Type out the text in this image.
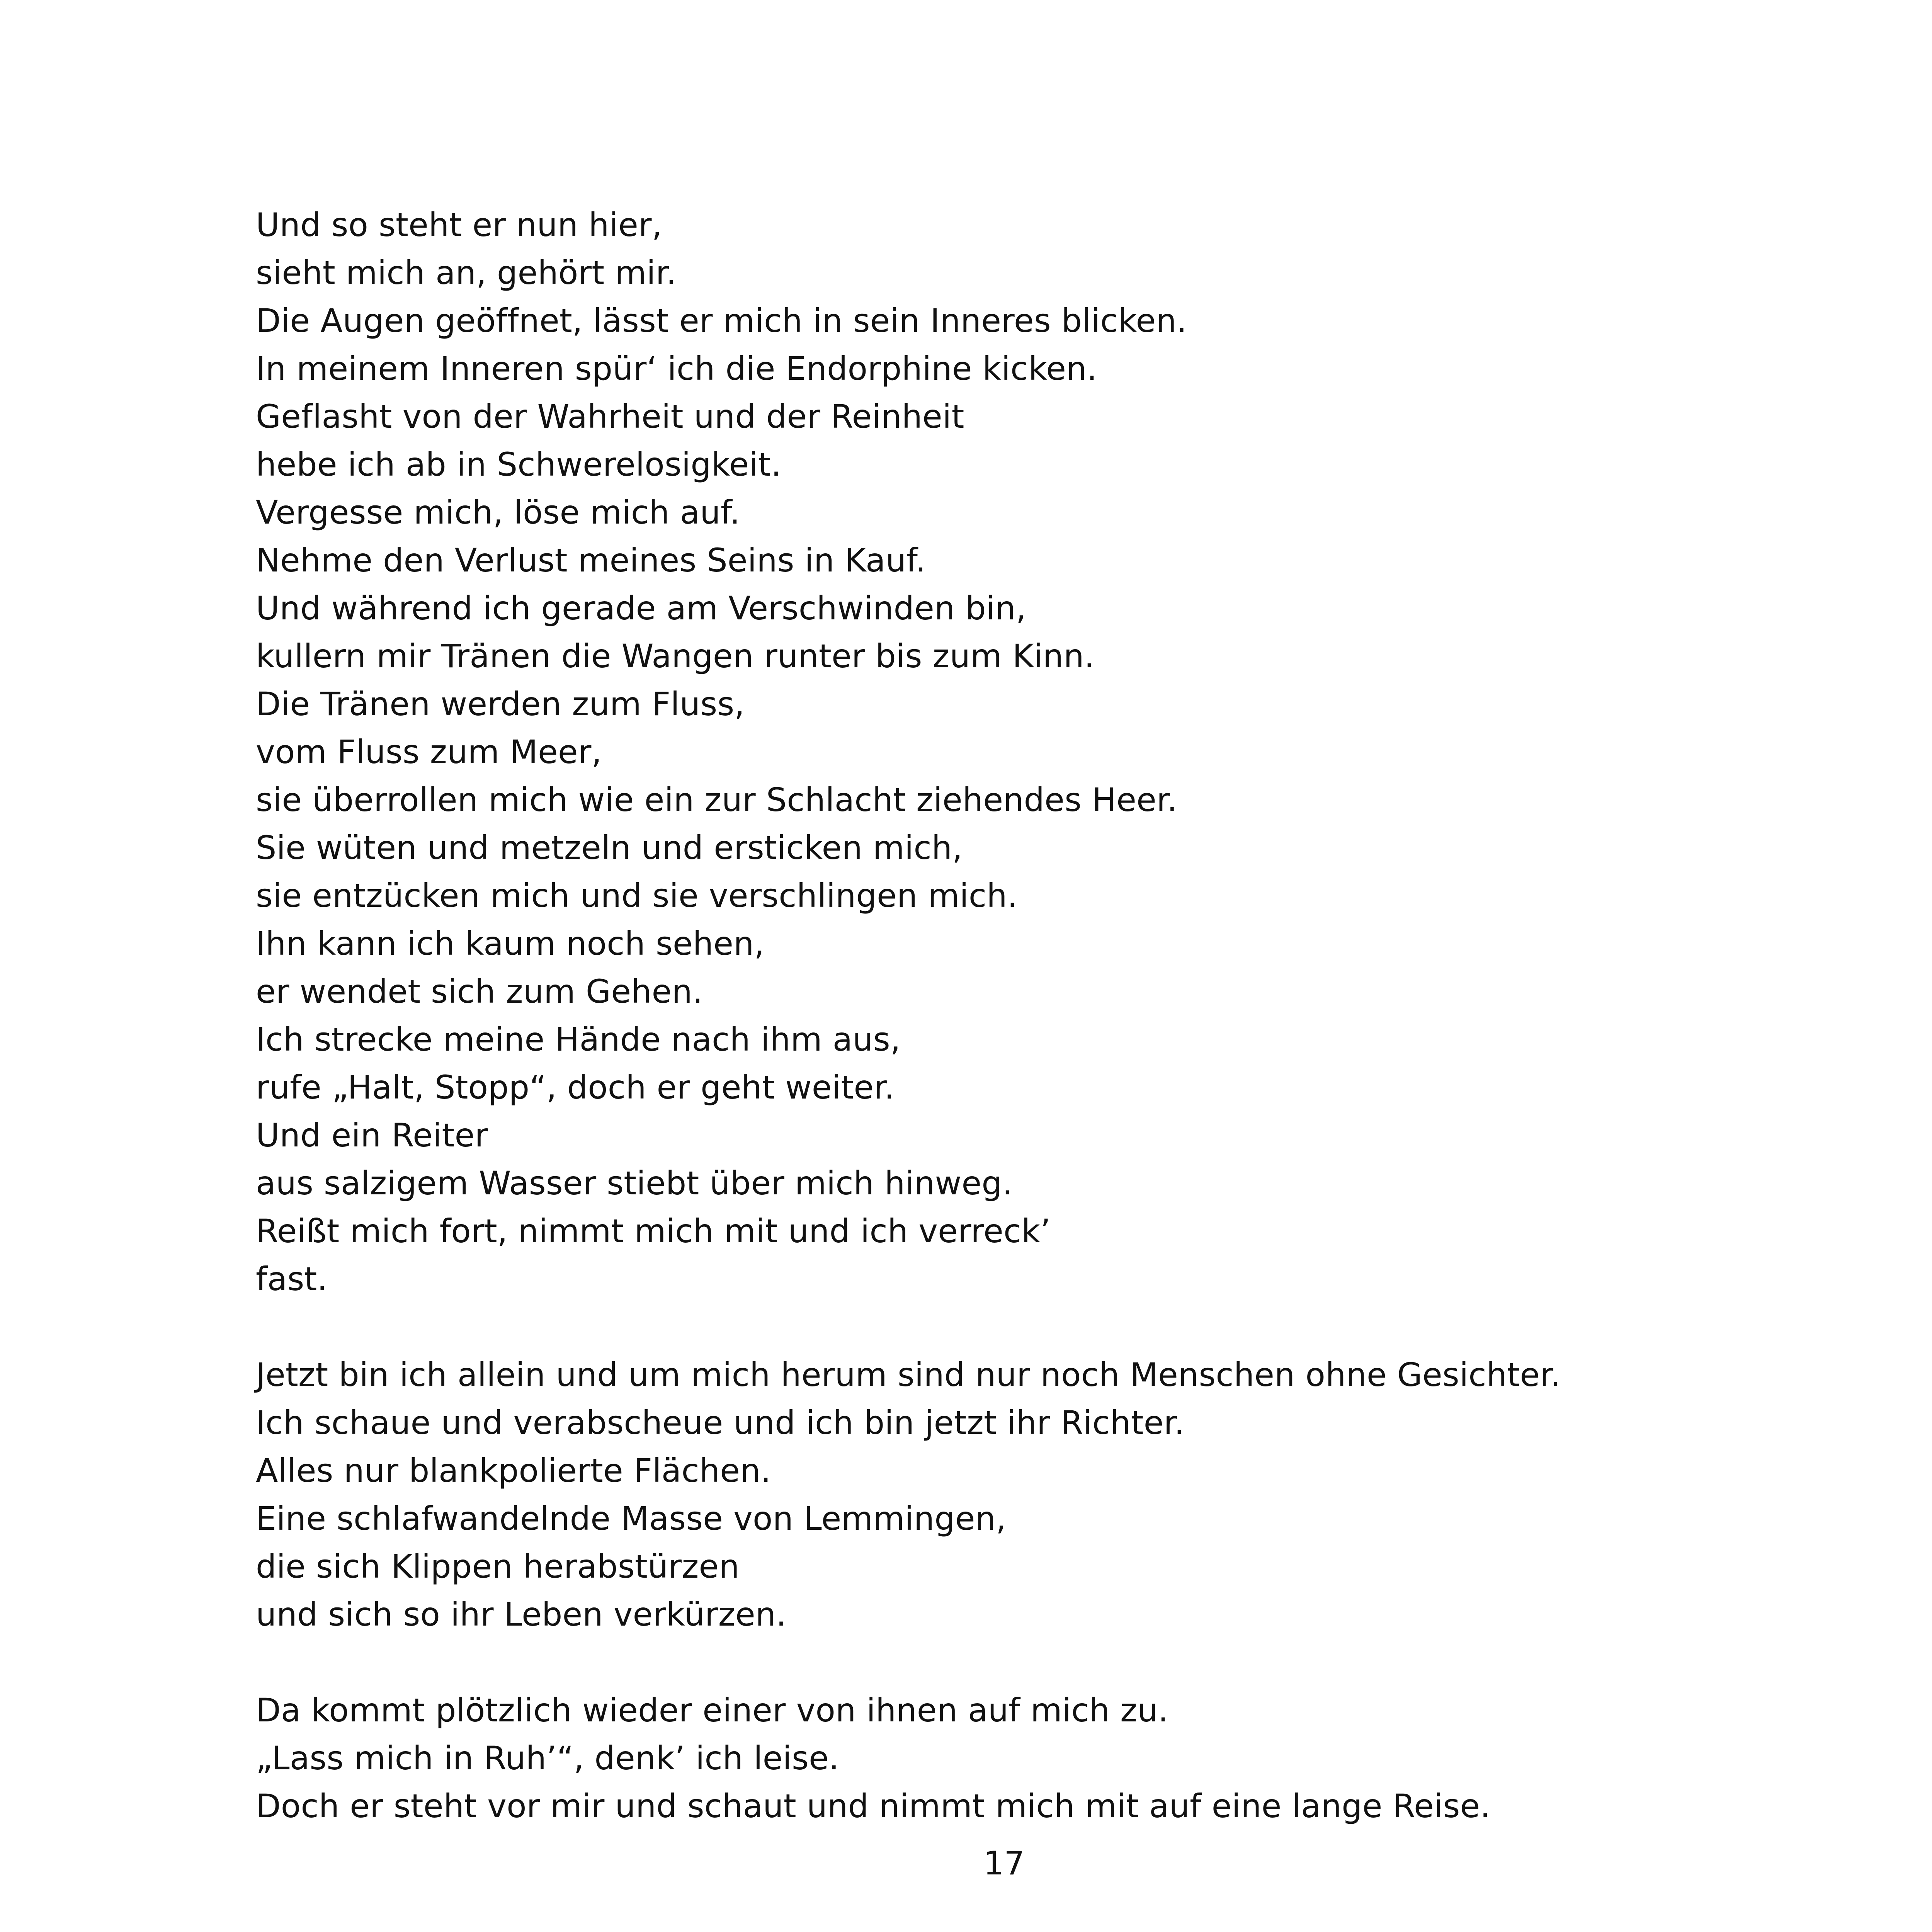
Und so steht er nun hier,
sieht mich an, gehört mir.
Die Augen geöffnet, lässt er mich in sein Inneres blicken.
In meinem Inneren spür‘ ich die Endorphine kicken.
Geflasht von der Wahrheit und der Reinheit
hebe ich ab in Schwerelosigkeit.
Vergesse mich, löse mich auf.
Nehme den Verlust meines Seins in Kauf.
Und während ich gerade am Verschwinden bin,
kullern mir Tränen die Wangen runter bis zum Kinn.
Die Tränen werden zum Fluss,
vom Fluss zum Meer,
sie überrollen mich wie ein zur Schlacht ziehendes Heer.
Sie wüten und metzeln und ersticken mich,
sie entzücken mich und sie verschlingen mich.
Ihn kann ich kaum noch sehen,
er wendet sich zum Gehen.
Ich strecke meine Hände nach ihm aus,
rufe „Halt, Stopp“, doch er geht weiter.
Und ein Reiter
aus salzigem Wasser stiebt über mich hinweg.
Reißt mich fort, nimmt mich mit und ich verreck’
fast.
Jetzt bin ich allein und um mich herum sind nur noch Menschen ohne Gesichter.
Ich schaue und verabscheue und ich bin jetzt ihr Richter.
Alles nur blankpolierte Flächen.
Eine schlafwandelnde Masse von Lemmingen,
die sich Klippen herabstürzen
und sich so ihr Leben verkürzen.
Da kommt plötzlich wieder einer von ihnen auf mich zu.
„Lass mich in Ruh’“, denk’ ich leise.
Doch er steht vor mir und schaut und nimmt mich mit auf eine lange Reise.
17
